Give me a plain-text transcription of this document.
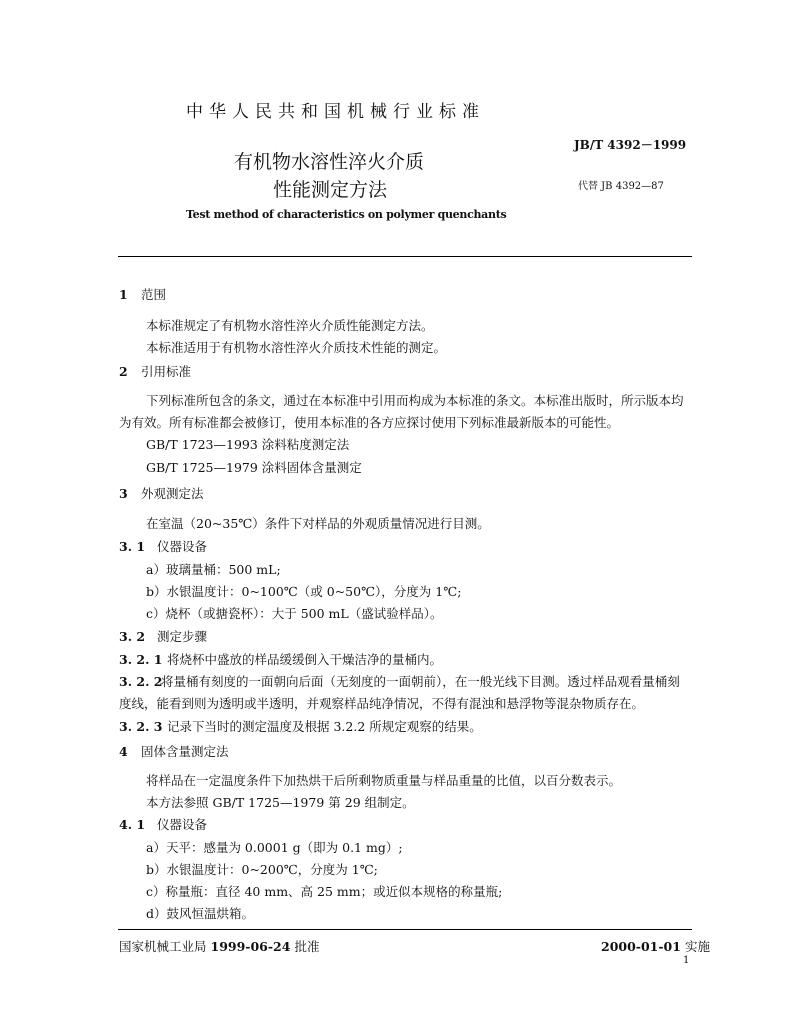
中华人民共和国机械行业标准
JB/T 4392－1999
有机物水溶性淬火介质
性能测定方法	代替 JB 4392—87
Test method of characteristics on polymer quenchants
1 范围
本标准规定了有机物水溶性淬火介质性能测定方法。
本标准适用于有机物水溶性淬火介质技术性能的测定。
2 引用标准
下列标准所包含的条文，通过在本标准中引用而构成为本标准的条文。本标准出版时，所示版本均
为有效。所有标准都会被修订，使用本标准的各方应探讨使用下列标准最新版本的可能性。
GB/T 1723—1993 涂料粘度测定法
GB/T 1725—1979 涂料固体含量测定
3 外观测定法
在室温（20~35℃）条件下对样品的外观质量情况进行目测。
3. 1 仪器设备
a）玻璃量桶：500 mL;
b）水银温度计：0~100℃（或 0~50℃），分度为 1℃;
c）烧杯（或搪瓷杯）：大于 500 mL（盛试验样品）。
3. 2 测定步骤
3. 2. 1 将烧杯中盛放的样品缓缓倒入干燥洁净的量桶内。
3. 2. 2将量桶有刻度的一面朝向后面（无刻度的一面朝前），在一般光线下目测。透过样品观看量桶刻
度线，能看到则为透明或半透明，并观察样品纯净情况，不得有混浊和悬浮物等混杂物质存在。
3. 2. 3 记录下当时的测定温度及根据 3.2.2 所规定观察的结果。
4 固体含量测定法
将样品在一定温度条件下加热烘干后所剩物质重量与样品重量的比值，以百分数表示。
本方法参照 GB/T 1725—1979 第 29 组制定。
4. 1 仪器设备
a）天平：感量为 0.0001 g（即为 0.1 mg）;
b）水银温度计：0~200℃，分度为 1℃;
c）称量瓶：直径 40 mm、高 25 mm；或近似本规格的称量瓶;
d）鼓风恒温烘箱。
国家机械工业局 1999-06-24 批准	2000-01-01 实施
1
